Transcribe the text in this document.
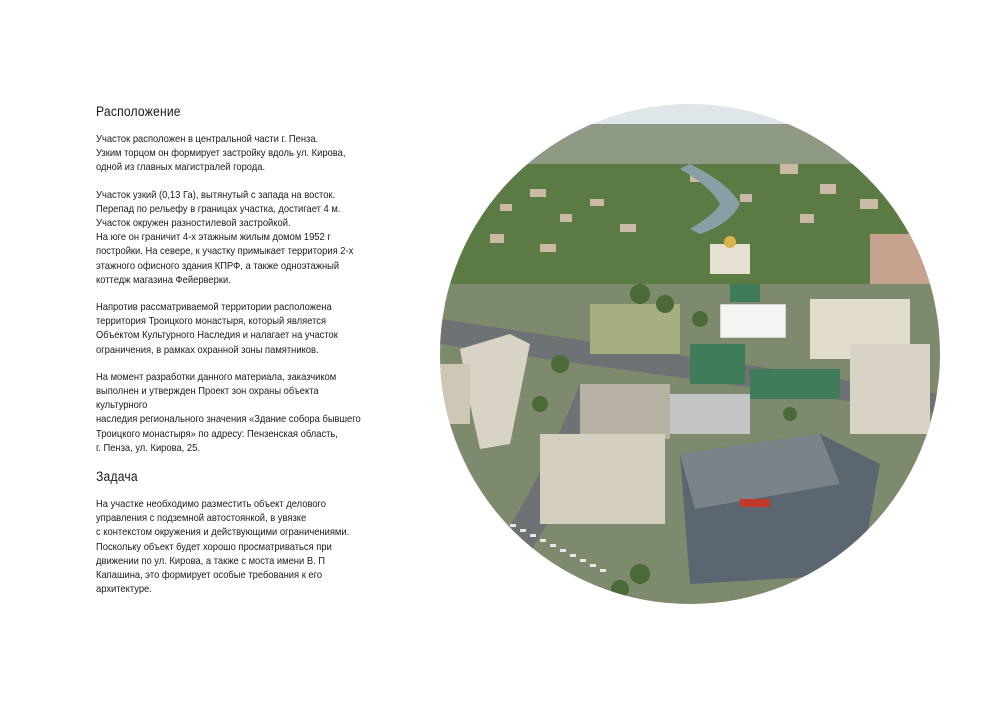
Расположение

Участок расположен в центральной части г. Пенза.
Узким торцом он формирует застройку вдоль ул. Кирова,
одной из главных магистралей города.

Участок узкий (0,13 Га), вытянутый с запада на восток.
Перепад по рельефу в границах участка, достигает 4 м.
Участок окружен разностилевой застройкой.
На юге он граничит 4-х этажным жилым домом 1952 г
постройки. На севере, к участку примыкает территория 2-х
этажного офисного здания КПРФ, а также одноэтажный
коттедж магазина Фейерверки.

Напротив рассматриваемой территории расположена
территория Троицкого монастыря, который является
Объектом Культурного Наследия и налагает на участок
ограничения, в рамках охранной зоны памятников.

На момент разработки данного материала, заказчиком
выполнен и утвержден Проект зон охраны объекта культурного
наследия регионального значения «Здание собора бывшего
Троицкого монастыря» по адресу: Пензенская область,
г. Пенза, ул. Кирова, 25.

Задача

На участке необходимо разместить объект делового
управления с подземной автостоянкой, в увязке
с контекстом окружения и действующими ограничениями.
Поскольку объект будет хорошо просматриваться при
движении по ул. Кирова, а также с моста имени В. П
Капашина, это формирует особые требования к его
архитектуре.
